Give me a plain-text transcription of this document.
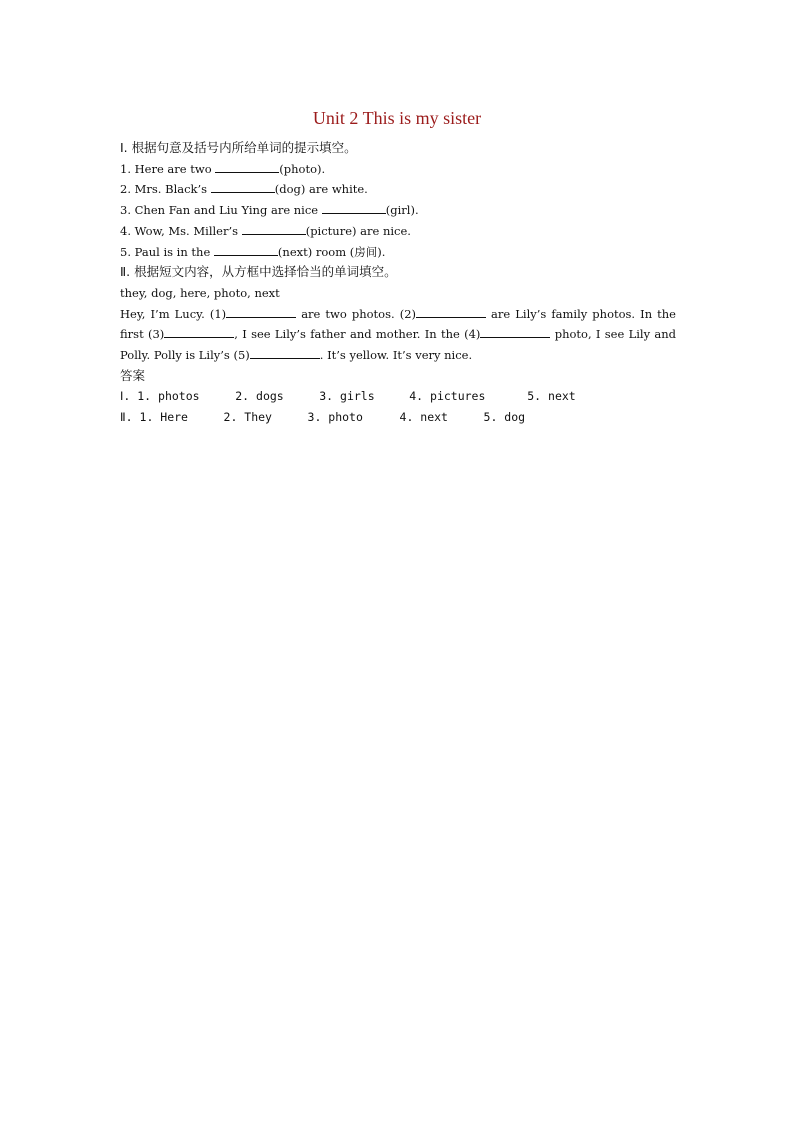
Unit 2 This is my sister
Ⅰ. 根据句意及括号内所给单词的提示填空。
1. Here are two	(photo).
2. Mrs. Black’s	(dog) are white.
3. Chen Fan and Liu Ying are nice	(girl).
4. Wow, Ms. Miller’s	(picture) are nice.
5. Paul is in the	(next) room (房间).
Ⅱ. 根据短文内容，从方框中选择恰当的单词填空。
they, dog, here, photo, next
Hey, I’m Lucy. (1)	are two photos. (2)	are Lily’s family photos. In the first (3)	, I see Lily’s father and mother. In the (4)	photo, I see Lily and Polly. Polly is Lily’s (5)	. It’s yellow. It’s very nice.
答案
Ⅰ. 1. photos	2. dogs	3. girls	4. pictures	5. next
Ⅱ. 1. Here	2. They	3. photo	4. next	5. dog
